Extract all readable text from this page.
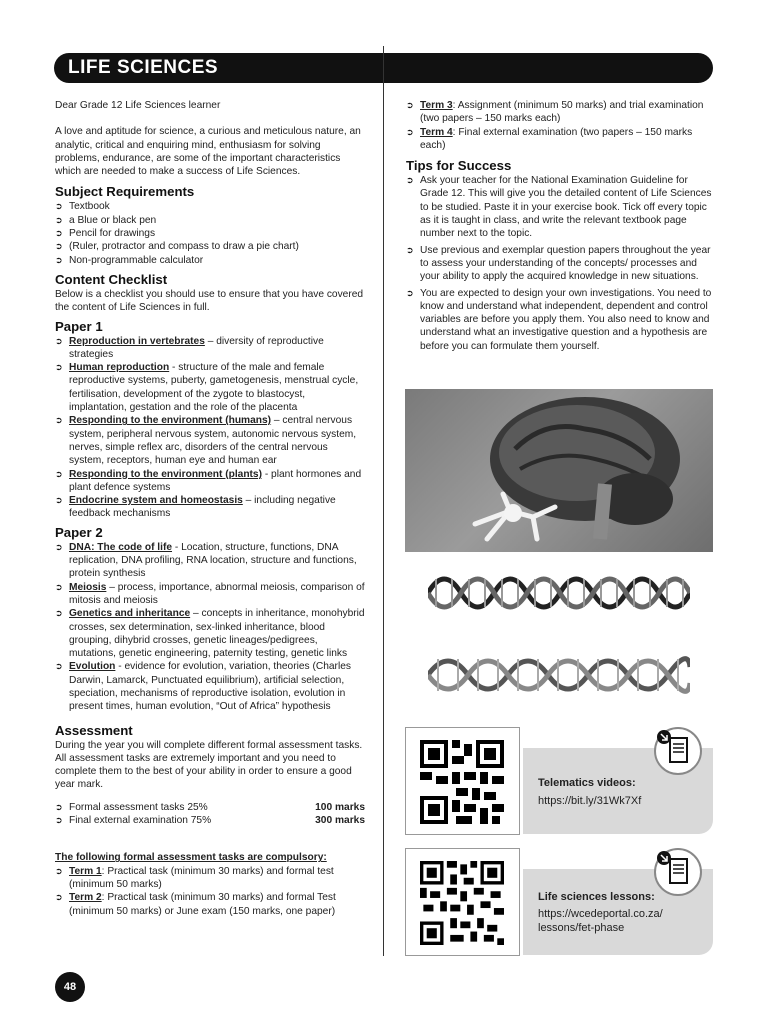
LIFE SCIENCES

Dear Grade 12 Life Sciences learner

A love and aptitude for science, a curious and meticulous nature, an analytic, critical and enquiring mind, enthusiasm for solving problems, endurance, are some of the important characteristics which are needed to make a success of Life Sciences.

Subject Requirements
➲ Textbook
➲ a Blue or black pen
➲ Pencil for drawings
➲ (Ruler, protractor and compass to draw a pie chart)
➲ Non-programmable calculator
Content Checklist

Below is a checklist you should use to ensure that you have covered the content of Life Sciences in full.

Paper 1
➲ Reproduction in vertebrates – diversity of reproductive strategies
➲ Human reproduction - structure of the male and female reproductive systems, puberty, gametogenesis, menstrual cycle, fertilisation, development of the zygote to blastocyst, implantation, gestation and the role of the placenta
➲ Responding to the environment (humans) – central nervous system, peripheral nervous system, autonomic nervous system, nerves, simple reflex arc, disorders of the central nervous system, receptors, human eye and human ear
➲ Responding to the environment (plants) - plant hormones and plant defence systems
➲ Endocrine system and homeostasis – including negative feedback mechanisms
Paper 2
➲ DNA: The code of life - Location, structure, functions, DNA replication, DNA profiling, RNA location, structure and functions, protein synthesis
➲ Meiosis – process, importance, abnormal meiosis, comparison of mitosis and meiosis
➲ Genetics and inheritance – concepts in inheritance, monohybrid crosses, sex determination, sex-linked inheritance, blood grouping, dihybrid crosses, genetic lineages/pedigrees, mutations, genetic engineering, paternity testing, genetic links
➲ Evolution - evidence for evolution, variation, theories (Charles Darwin, Lamarck, Punctuated equilibrium), artificial selection, speciation, mechanisms of reproductive isolation, evolution in present times, human evolution, “Out of Africa” hypothesis
Assessment

During the year you will complete different formal assessment tasks. All assessment tasks are extremely important and you need to complete them to the best of your ability in order to ensure a good year mark.

➲ Formal assessment tasks 25%	100 marks
➲ Final external examination 75%	300 marks

The following formal assessment tasks are compulsory:

➲ Term 1: Practical task (minimum 30 marks) and formal test (minimum 50 marks)
➲ Term 2: Practical task (minimum 30 marks) and formal Test (minimum 50 marks) or June exam (150 marks, one paper)
➲ Term 3: Assignment (minimum 50 marks) and trial examination (two papers – 150 marks each)
➲ Term 4: Final external examination (two papers – 150 marks each)
Tips for Success
➲ Ask your teacher for the National Examination Guideline for Grade 12. This will give you the detailed content of Life Sciences to be studied. Paste it in your exercise book. Tick off every topic as it is taught in class, and write the relevant textbook page number next to the topic.
➲ Use previous and exemplar question papers throughout the year to assess your understanding of the concepts/ processes and your ability to apply the acquired knowledge in new situations.
➲ You are expected to design your own investigations. You need to know and understand what independent, dependent and control variables are before you apply them. You also need to know and understand what an investigative question and a hypothesis are before you can formulate them yourself.
Telematics videos:
https://bit.ly/31Wk7Xf
Life sciences lessons:
https://wcedeportal.co.za/
lessons/fet-phase
48
